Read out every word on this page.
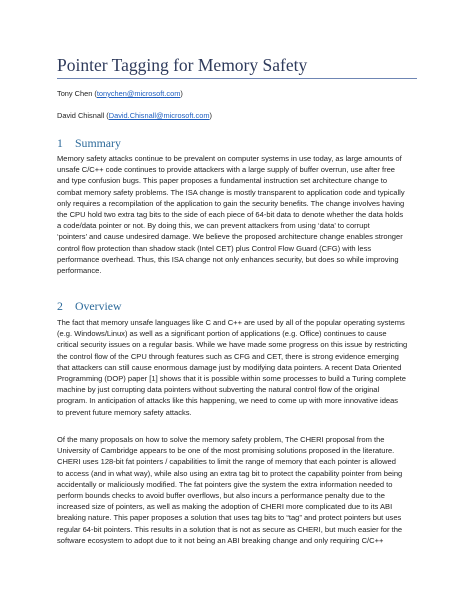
Pointer Tagging for Memory Safety
Tony Chen (tonychen@microsoft.com)
David Chisnall (David.Chisnall@microsoft.com)
1 Summary
Memory safety attacks continue to be prevalent on computer systems in use today, as large amounts of
unsafe C/C++ code continues to provide attackers with a large supply of buffer overrun, use after free
and type confusion bugs. This paper proposes a fundamental instruction set architecture change to
combat memory safety problems. The ISA change is mostly transparent to application code and typically
only requires a recompilation of the application to gain the security benefits. The change involves having
the CPU hold two extra tag bits to the side of each piece of 64-bit data to denote whether the data holds
a code/data pointer or not. By doing this, we can prevent attackers from using ‘data’ to corrupt
‘pointers’ and cause undesired damage. We believe the proposed architecture change enables stronger
control flow protection than shadow stack (Intel CET) plus Control Flow Guard (CFG) with less
performance overhead. Thus, this ISA change not only enhances security, but does so while improving
performance.
2 Overview
The fact that memory unsafe languages like C and C++ are used by all of the popular operating systems
(e.g. Windows/Linux) as well as a significant portion of applications (e.g. Office) continues to cause
critical security issues on a regular basis. While we have made some progress on this issue by restricting
the control flow of the CPU through features such as CFG and CET, there is strong evidence emerging
that attackers can still cause enormous damage just by modifying data pointers. A recent Data Oriented
Programming (DOP) paper [1] shows that it is possible within some processes to build a Turing complete
machine by just corrupting data pointers without subverting the natural control flow of the original
program. In anticipation of attacks like this happening, we need to come up with more innovative ideas
to prevent future memory safety attacks.
Of the many proposals on how to solve the memory safety problem, The CHERI proposal from the
University of Cambridge appears to be one of the most promising solutions proposed in the literature.
CHERI uses 128-bit fat pointers / capabilities to limit the range of memory that each pointer is allowed
to access (and in what way), while also using an extra tag bit to protect the capability pointer from being
accidentally or maliciously modified. The fat pointers give the system the extra information needed to
perform bounds checks to avoid buffer overflows, but also incurs a performance penalty due to the
increased size of pointers, as well as making the adoption of CHERI more complicated due to its ABI
breaking nature. This paper proposes a solution that uses tag bits to “tag” and protect pointers but uses
regular 64-bit pointers. This results in a solution that is not as secure as CHERI, but much easier for the
software ecosystem to adopt due to it not being an ABI breaking change and only requiring C/C++
